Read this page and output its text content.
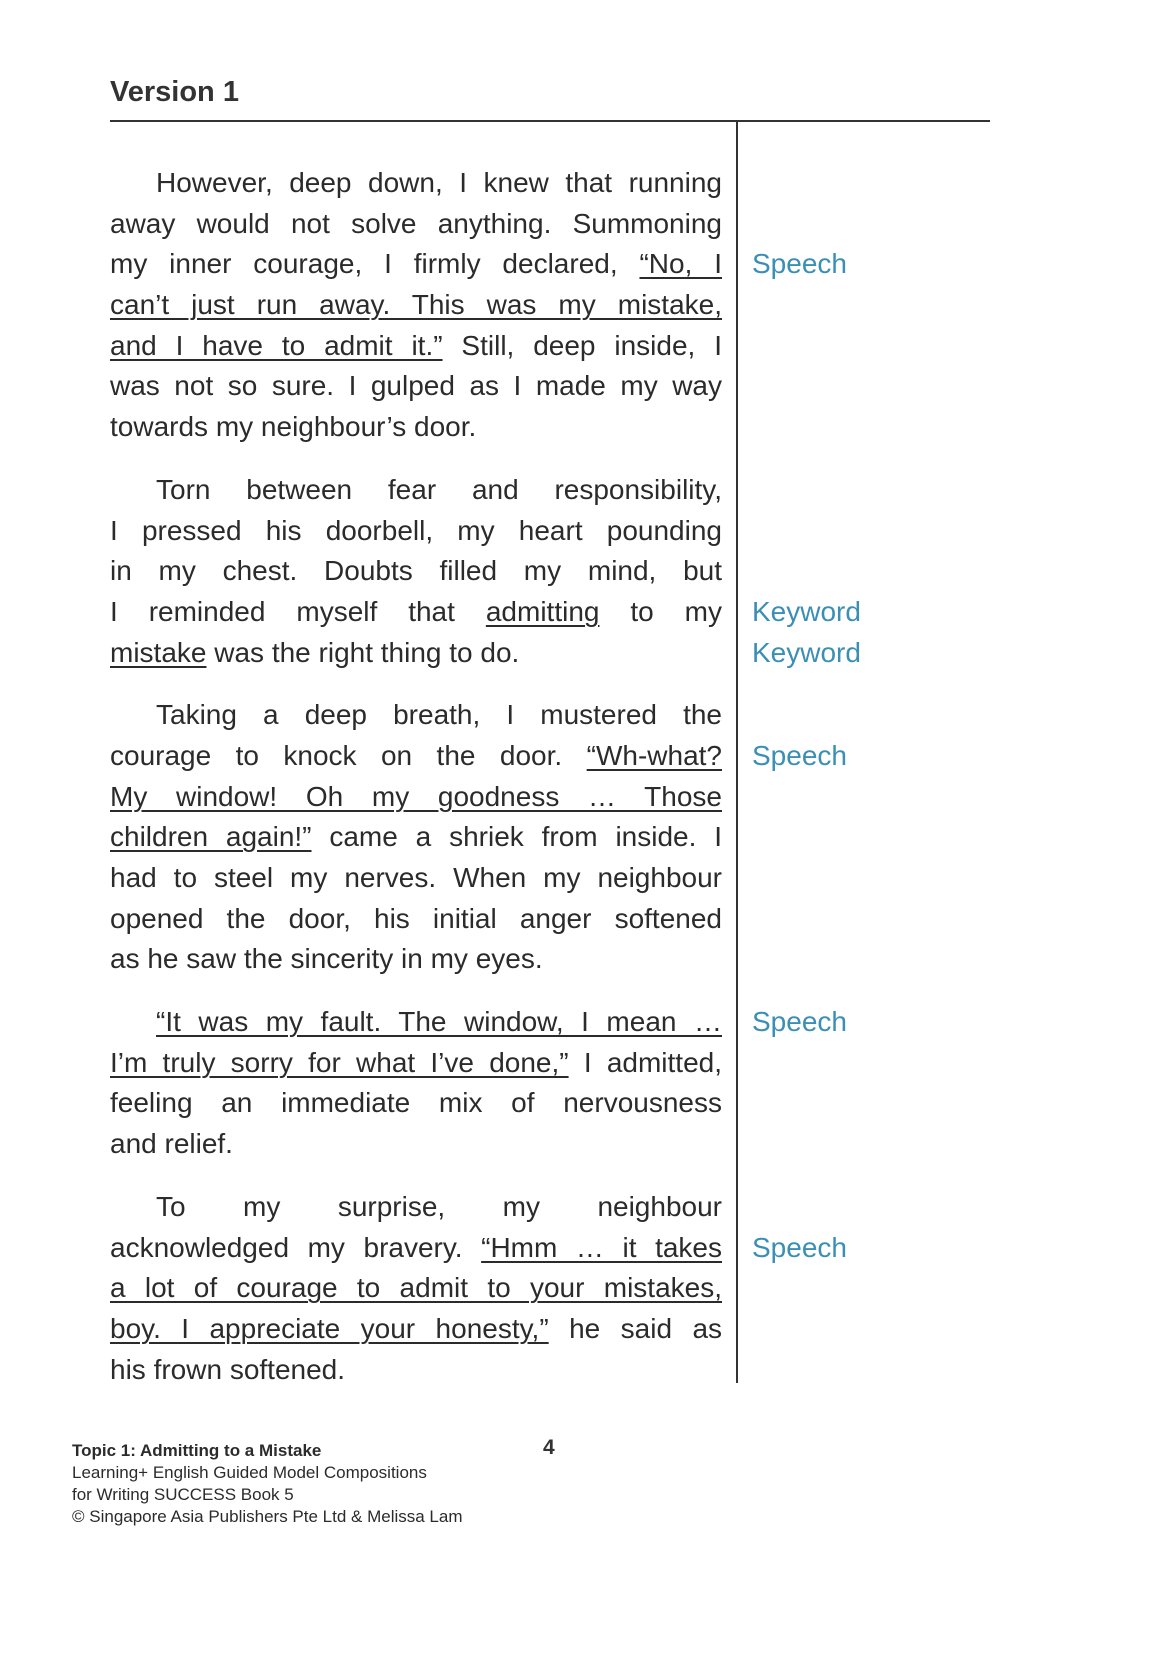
Version 1
However, deep down, I knew that running
away would not solve anything. Summoning
my inner courage, I firmly declared, “No, I Speech
can’t just run away. This was my mistake,
and I have to admit it.” Still, deep inside, I
was not so sure. I gulped as I made my way
towards my neighbour’s door.
Torn between fear and responsibility,
I pressed his doorbell, my heart pounding
in my chest. Doubts filled my mind, but
I reminded myself that admitting to my Keyword
mistake was the right thing to do.	Keyword
Taking a deep breath, I mustered the
courage to knock on the door. “Wh-what? Speech
My window! Oh my goodness … Those
children again!” came a shriek from inside. I
had to steel my nerves. When my neighbour
opened the door, his initial anger softened
as he saw the sincerity in my eyes.
“It was my fault. The window, I mean … Speech
I’m truly sorry for what I’ve done,” I admitted,
feeling an immediate mix of nervousness
and relief.
To my surprise, my neighbour
acknowledged my bravery. “Hmm … it takes Speech
a lot of courage to admit to your mistakes,
boy. I appreciate your honesty,” he said as
his frown softened.
4
Topic 1: Admitting to a Mistake
Learning+ English Guided Model Compositions
for Writing SUCCESS Book 5
© Singapore Asia Publishers Pte Ltd & Melissa Lam
